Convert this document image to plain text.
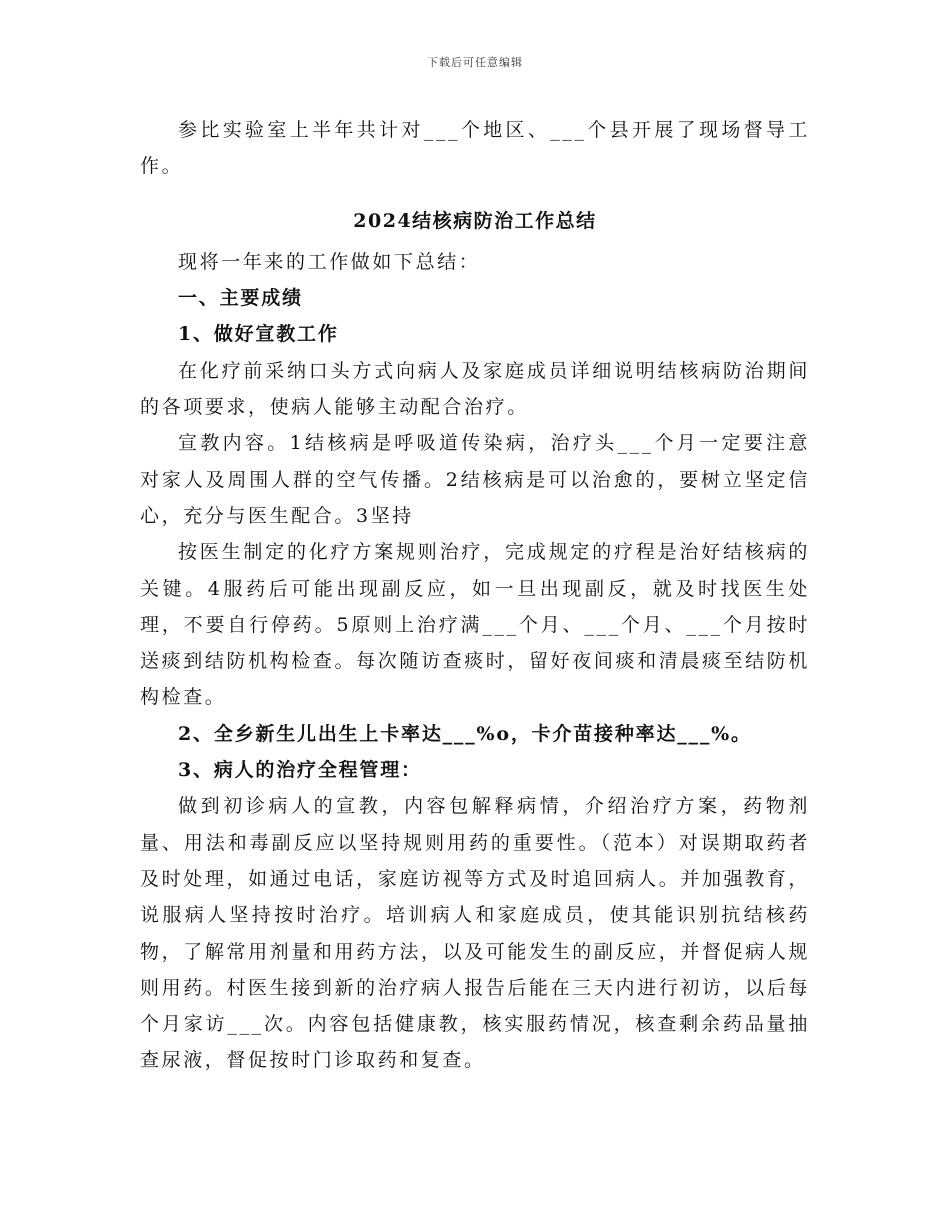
下载后可任意编辑

参比实验室上半年共计对___个地区、___个县开展了现场督导工作。

2024结核病防治工作总结

现将一年来的工作做如下总结：

一、主要成绩

1、做好宣教工作

在化疗前采纳口头方式向病人及家庭成员详细说明结核病防治期间的各项要求，使病人能够主动配合治疗。

宣教内容。1结核病是呼吸道传染病，治疗头___个月一定要注意对家人及周围人群的空气传播。2结核病是可以治愈的，要树立坚定信心，充分与医生配合。3坚持

按医生制定的化疗方案规则治疗，完成规定的疗程是治好结核病的关键。4服药后可能出现副反应，如一旦出现副反，就及时找医生处理，不要自行停药。5原则上治疗满___个月、___个月、___个月按时送痰到结防机构检查。每次随访查痰时，留好夜间痰和清晨痰至结防机构检查。

2、全乡新生儿出生上卡率达___%o，卡介苗接种率达___%。

3、病人的治疗全程管理：

做到初诊病人的宣教，内容包解释病情，介绍治疗方案，药物剂量、用法和毒副反应以坚持规则用药的重要性。（范本）对误期取药者及时处理，如通过电话，家庭访视等方式及时追回病人。并加强教育，说服病人坚持按时治疗。培训病人和家庭成员，使其能识别抗结核药物，了解常用剂量和用药方法，以及可能发生的副反应，并督促病人规则用药。村医生接到新的治疗病人报告后能在三天内进行初访，以后每个月家访___次。内容包括健康教，核实服药情况，核查剩余药品量抽查尿液，督促按时门诊取药和复查。
